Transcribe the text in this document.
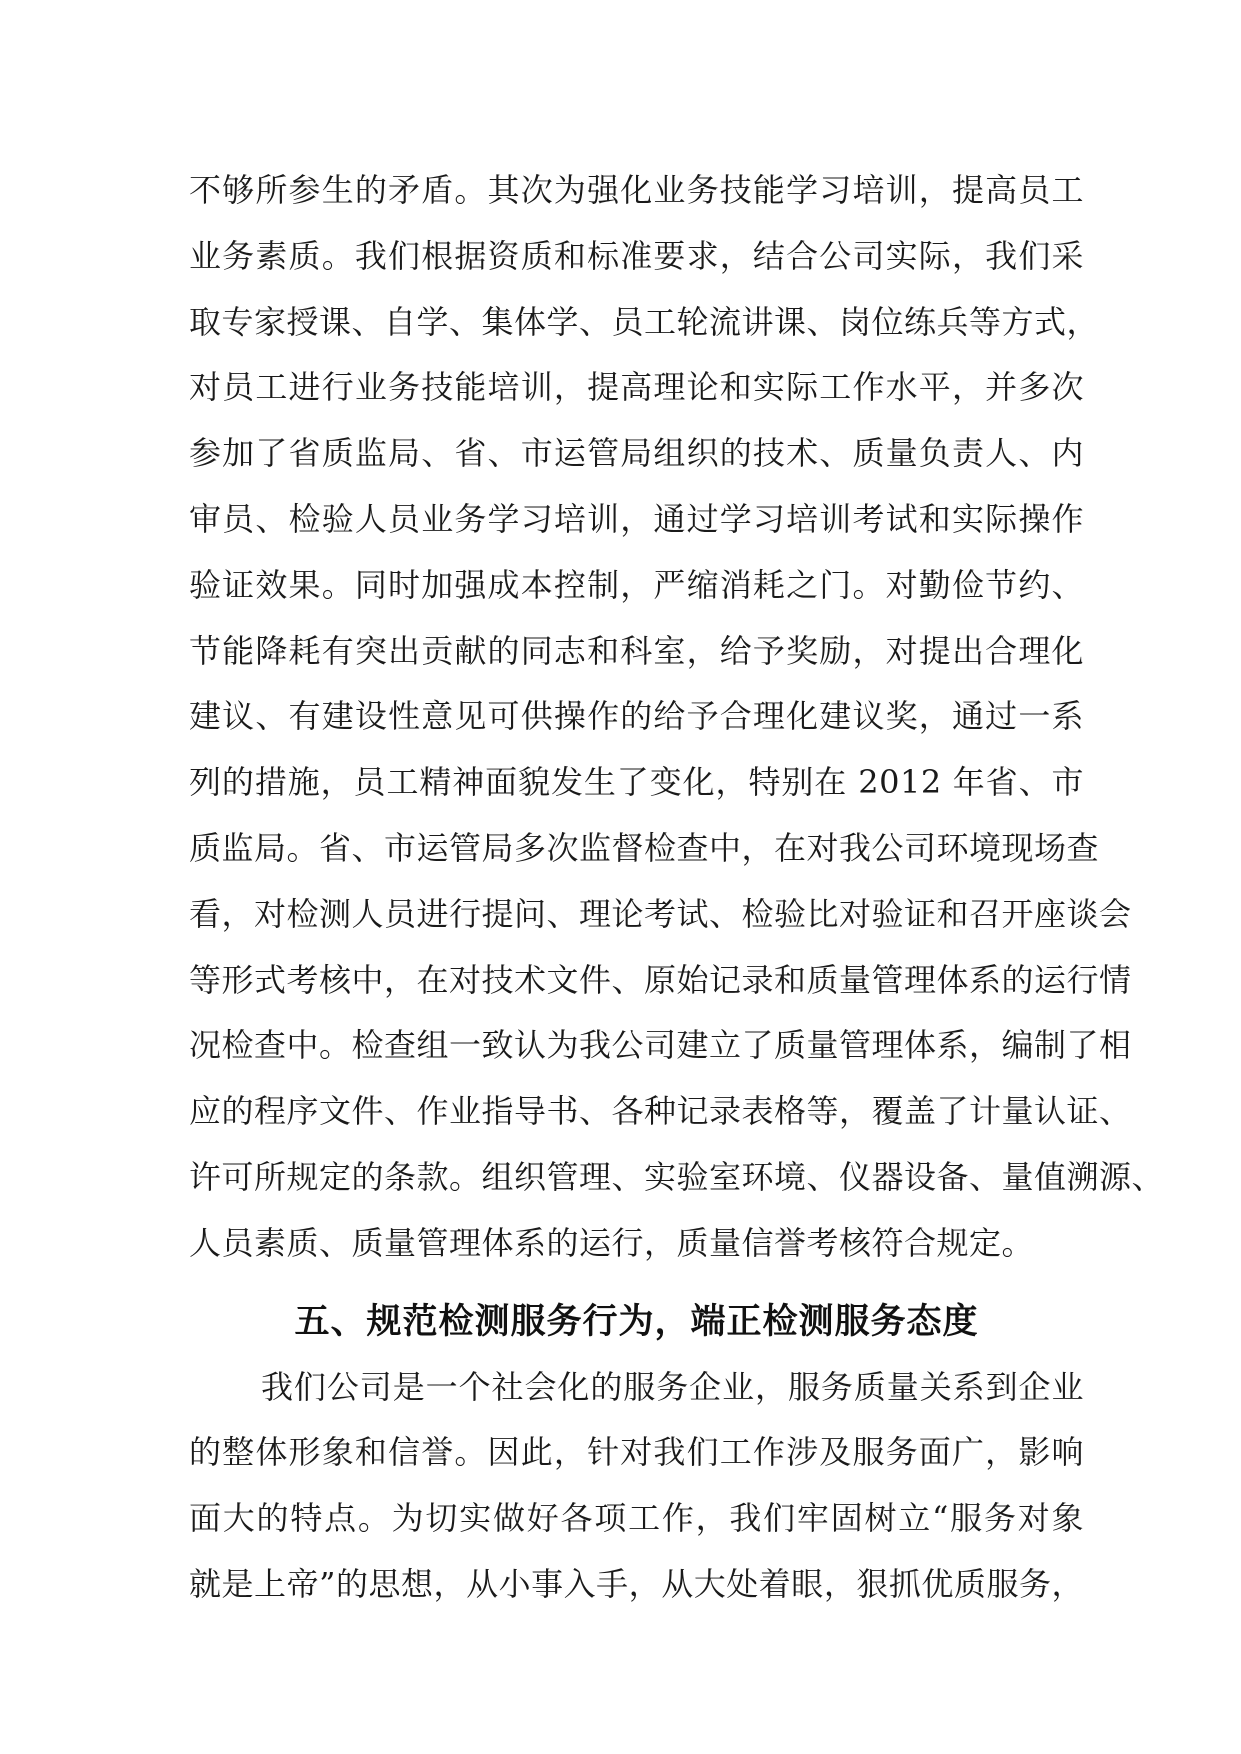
不够所参生的矛盾。其次为强化业务技能学习培训，提高员工
业务素质。我们根据资质和标准要求，结合公司实际，我们采
取专家授课、自学、集体学、员工轮流讲课、岗位练兵等方式，
对员工进行业务技能培训，提高理论和实际工作水平，并多次
参加了省质监局、省、市运管局组织的技术、质量负责人、内
审员、检验人员业务学习培训，通过学习培训考试和实际操作
验证效果。同时加强成本控制，严缩消耗之门。对勤俭节约、
节能降耗有突出贡献的同志和科室，给予奖励，对提出合理化
建议、有建设性意见可供操作的给予合理化建议奖，通过一系
列的措施，员工精神面貌发生了变化，特别在 2012 年省、市
质监局。省、市运管局多次监督检查中，在对我公司环境现场查
看，对检测人员进行提问、理论考试、检验比对验证和召开座谈会
等形式考核中，在对技术文件、原始记录和质量管理体系的运行情
况检查中。检查组一致认为我公司建立了质量管理体系，编制了相
应的程序文件、作业指导书、各种记录表格等，覆盖了计量认证、
许可所规定的条款。组织管理、实验室环境、仪器设备、量值溯源、
人员素质、质量管理体系的运行，质量信誉考核符合规定。
五、规范检测服务行为，端正检测服务态度
我们公司是一个社会化的服务企业，服务质量关系到企业
的整体形象和信誉。因此，针对我们工作涉及服务面广，影响
面大的特点。为切实做好各项工作，我们牢固树立“服务对象
就是上帝”的思想，从小事入手，从大处着眼，狠抓优质服务，
